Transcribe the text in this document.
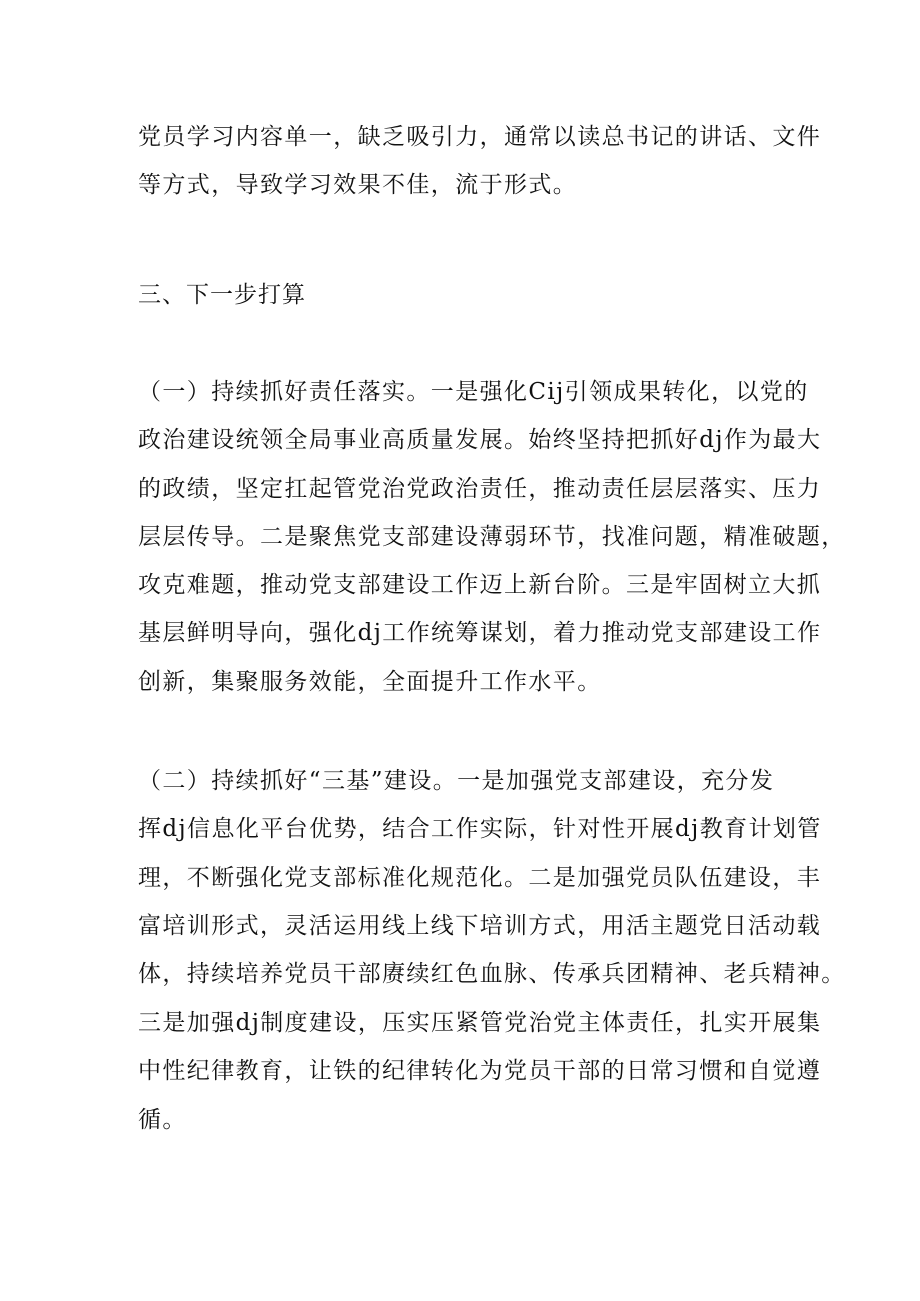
党员学习内容单一，缺乏吸引力，通常以读总书记的讲话、文件
等方式，导致学习效果不佳，流于形式。
三、下一步打算
（一）持续抓好责任落实。一是强化Cij引领成果转化，以党的
政治建设统领全局事业高质量发展。始终坚持把抓好dj作为最大
的政绩，坚定扛起管党治党政治责任，推动责任层层落实、压力
层层传导。二是聚焦党支部建设薄弱环节，找准问题，精准破题，
攻克难题，推动党支部建设工作迈上新台阶。三是牢固树立大抓
基层鲜明导向，强化dj工作统筹谋划，着力推动党支部建设工作
创新，集聚服务效能，全面提升工作水平。
（二）持续抓好“三基”建设。一是加强党支部建设，充分发
挥dj信息化平台优势，结合工作实际，针对性开展dj教育计划管
理，不断强化党支部标准化规范化。二是加强党员队伍建设，丰
富培训形式，灵活运用线上线下培训方式，用活主题党日活动载
体，持续培养党员干部赓续红色血脉、传承兵团精神、老兵精神。
三是加强dj制度建设，压实压紧管党治党主体责任，扎实开展集
中性纪律教育，让铁的纪律转化为党员干部的日常习惯和自觉遵
循。
